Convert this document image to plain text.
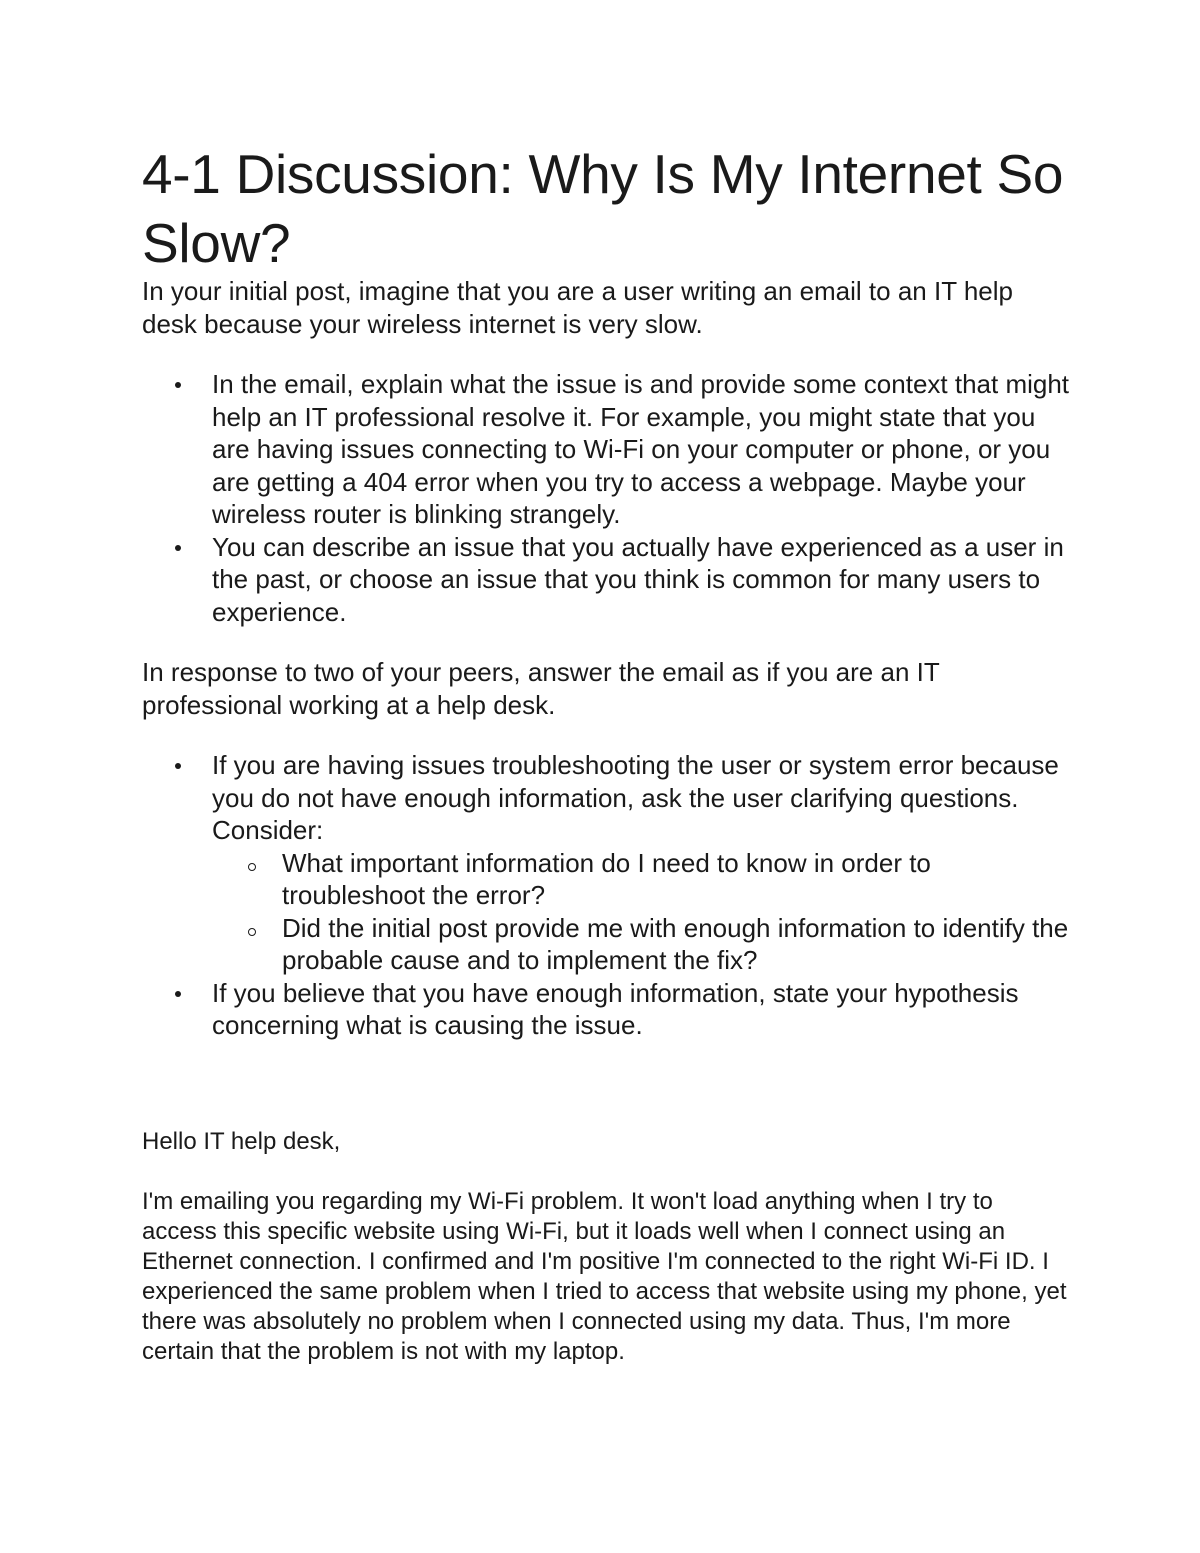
4-1 Discussion: Why Is My Internet So Slow?

In your initial post, imagine that you are a user writing an email to an IT help desk because your wireless internet is very slow.

In the email, explain what the issue is and provide some context that might help an IT professional resolve it. For example, you might state that you are having issues connecting to Wi-Fi on your computer or phone, or you are getting a 404 error when you try to access a webpage. Maybe your wireless router is blinking strangely.
You can describe an issue that you actually have experienced as a user in the past, or choose an issue that you think is common for many users to experience.

In response to two of your peers, answer the email as if you are an IT professional working at a help desk.

If you are having issues troubleshooting the user or system error because you do not have enough information, ask the user clarifying questions. Consider:
What important information do I need to know in order to troubleshoot the error?
Did the initial post provide me with enough information to identify the probable cause and to implement the fix?
If you believe that you have enough information, state your hypothesis concerning what is causing the issue.

Hello IT help desk,

I'm emailing you regarding my Wi-Fi problem. It won't load anything when I try to access this specific website using Wi-Fi, but it loads well when I connect using an Ethernet connection. I confirmed and I'm positive I'm connected to the right Wi-Fi ID. I experienced the same problem when I tried to access that website using my phone, yet there was absolutely no problem when I connected using my data. Thus, I'm more certain that the problem is not with my laptop.
